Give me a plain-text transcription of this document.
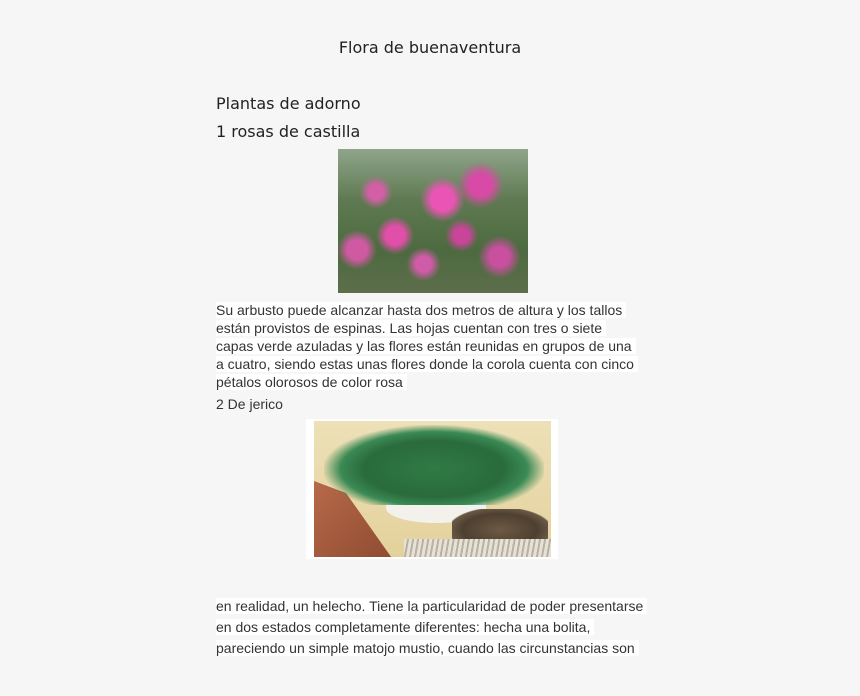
Flora de buenaventura
Plantas de adorno
1 rosas de castilla
Su arbusto puede alcanzar hasta dos metros de altura y los tallos
están provistos de espinas. Las hojas cuentan con tres o siete
capas verde azuladas y las flores están reunidas en grupos de una
a cuatro, siendo estas unas flores donde la corola cuenta con cinco
pétalos olorosos de color rosa
2 De jerico
en realidad, un helecho. Tiene la particularidad de poder presentarse
en dos estados completamente diferentes: hecha una bolita,
pareciendo un simple matojo mustio, cuando las circunstancias son
